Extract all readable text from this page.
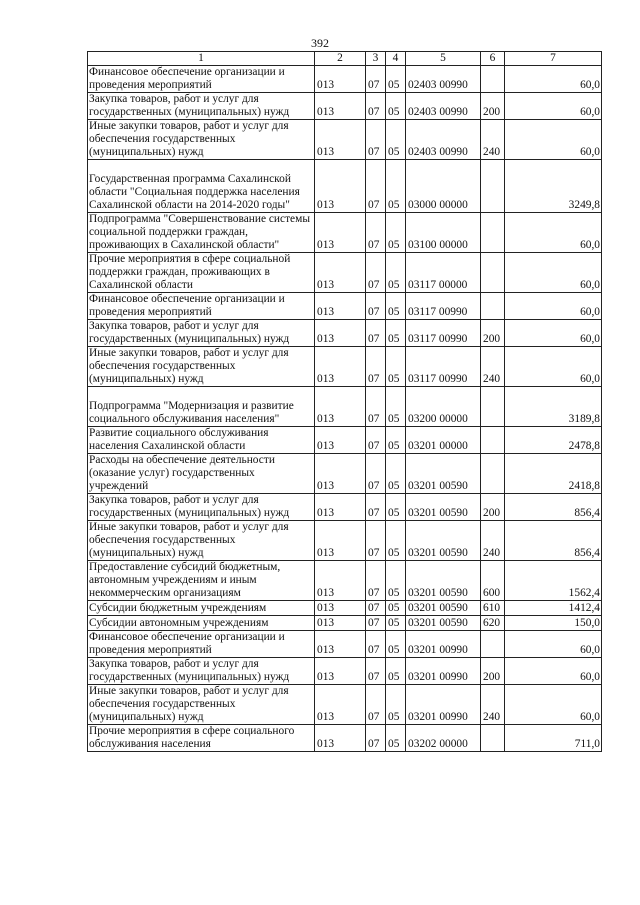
392
1	2	3	4	5	6	7
Финансовое обеспечение организации и проведения мероприятий	013	07	05	02403 00990		60,0
Закупка товаров, работ и услуг для государственных (муниципальных) нужд	013	07	05	02403 00990	200	60,0
Иные закупки товаров, работ и услуг для обеспечения государственных (муниципальных) нужд	013	07	05	02403 00990	240	60,0
Государственная программа Сахалинской области "Социальная поддержка населения Сахалинской области на 2014-2020 годы"	013	07	05	03000 00000		3249,8
Подпрограмма "Совершенствование системы социальной поддержки граждан, проживающих в Сахалинской области"	013	07	05	03100 00000		60,0
Прочие мероприятия в сфере социальной поддержки граждан, проживающих в Сахалинской области	013	07	05	03117 00000		60,0
Финансовое обеспечение организации и проведения мероприятий	013	07	05	03117 00990		60,0
Закупка товаров, работ и услуг для государственных (муниципальных) нужд	013	07	05	03117 00990	200	60,0
Иные закупки товаров, работ и услуг для обеспечения государственных (муниципальных) нужд	013	07	05	03117 00990	240	60,0
Подпрограмма "Модернизация и развитие социального обслуживания населения"	013	07	05	03200 00000		3189,8
Развитие социального обслуживания населения Сахалинской области	013	07	05	03201 00000		2478,8
Расходы на обеспечение деятельности (оказание услуг) государственных учреждений	013	07	05	03201 00590		2418,8
Закупка товаров, работ и услуг для государственных (муниципальных) нужд	013	07	05	03201 00590	200	856,4
Иные закупки товаров, работ и услуг для обеспечения государственных (муниципальных) нужд	013	07	05	03201 00590	240	856,4
Предоставление субсидий бюджетным, автономным учреждениям и иным некоммерческим организациям	013	07	05	03201 00590	600	1562,4
Субсидии бюджетным учреждениям	013	07	05	03201 00590	610	1412,4
Субсидии автономным учреждениям	013	07	05	03201 00590	620	150,0
Финансовое обеспечение организации и проведения мероприятий	013	07	05	03201 00990		60,0
Закупка товаров, работ и услуг для государственных (муниципальных) нужд	013	07	05	03201 00990	200	60,0
Иные закупки товаров, работ и услуг для обеспечения государственных (муниципальных) нужд	013	07	05	03201 00990	240	60,0
Прочие мероприятия в сфере социального обслуживания населения	013	07	05	03202 00000		711,0
